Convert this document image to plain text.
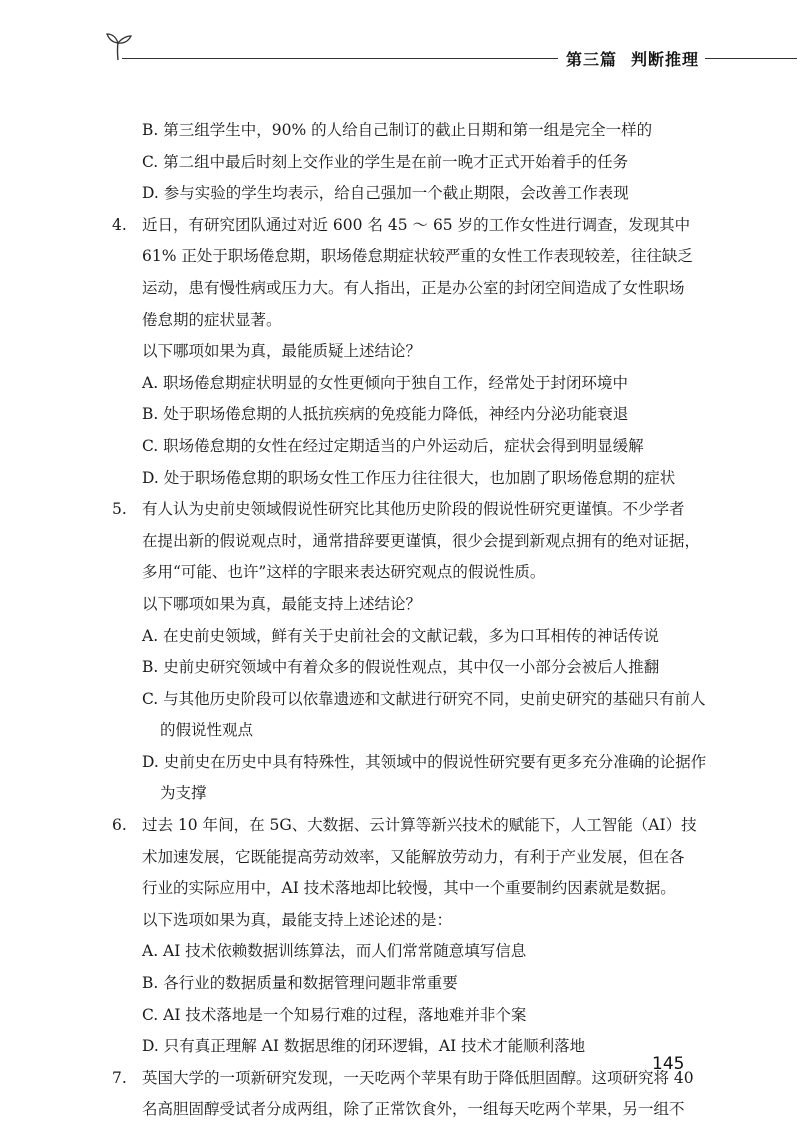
第三篇 判断推理
B. 第三组学生中，90% 的人给自己制订的截止日期和第一组是完全一样的
C. 第二组中最后时刻上交作业的学生是在前一晚才正式开始着手的任务
D. 参与实验的学生均表示，给自己强加一个截止期限，会改善工作表现
4. 近日，有研究团队通过对近 600 名 45 ～ 65 岁的工作女性进行调查，发现其中
61% 正处于职场倦怠期，职场倦怠期症状较严重的女性工作表现较差，往往缺乏
运动，患有慢性病或压力大。有人指出，正是办公室的封闭空间造成了女性职场
倦怠期的症状显著。
以下哪项如果为真，最能质疑上述结论？
A. 职场倦怠期症状明显的女性更倾向于独自工作，经常处于封闭环境中
B. 处于职场倦怠期的人抵抗疾病的免疫能力降低，神经内分泌功能衰退
C. 职场倦怠期的女性在经过定期适当的户外运动后，症状会得到明显缓解
D. 处于职场倦怠期的职场女性工作压力往往很大，也加剧了职场倦怠期的症状
5. 有人认为史前史领域假说性研究比其他历史阶段的假说性研究更谨慎。不少学者
在提出新的假说观点时，通常措辞要更谨慎，很少会提到新观点拥有的绝对证据，
多用“可能、也许”这样的字眼来表达研究观点的假说性质。
以下哪项如果为真，最能支持上述结论？
A. 在史前史领域，鲜有关于史前社会的文献记载，多为口耳相传的神话传说
B. 史前史研究领域中有着众多的假说性观点，其中仅一小部分会被后人推翻
C. 与其他历史阶段可以依靠遗迹和文献进行研究不同，史前史研究的基础只有前人的假说性观点
D. 史前史在历史中具有特殊性，其领域中的假说性研究要有更多充分准确的论据作为支撑
6. 过去 10 年间，在 5G、大数据、云计算等新兴技术的赋能下，人工智能（AI）技
术加速发展，它既能提高劳动效率，又能解放劳动力，有利于产业发展，但在各
行业的实际应用中，AI 技术落地却比较慢，其中一个重要制约因素就是数据。
以下选项如果为真，最能支持上述论述的是：
A. AI 技术依赖数据训练算法，而人们常常随意填写信息
B. 各行业的数据质量和数据管理问题非常重要
C. AI 技术落地是一个知易行难的过程，落地难并非个案
D. 只有真正理解 AI 数据思维的闭环逻辑，AI 技术才能顺利落地
7. 英国大学的一项新研究发现，一天吃两个苹果有助于降低胆固醇。这项研究将 40
名高胆固醇受试者分成两组，除了正常饮食外，一组每天吃两个苹果，另一组不
145
